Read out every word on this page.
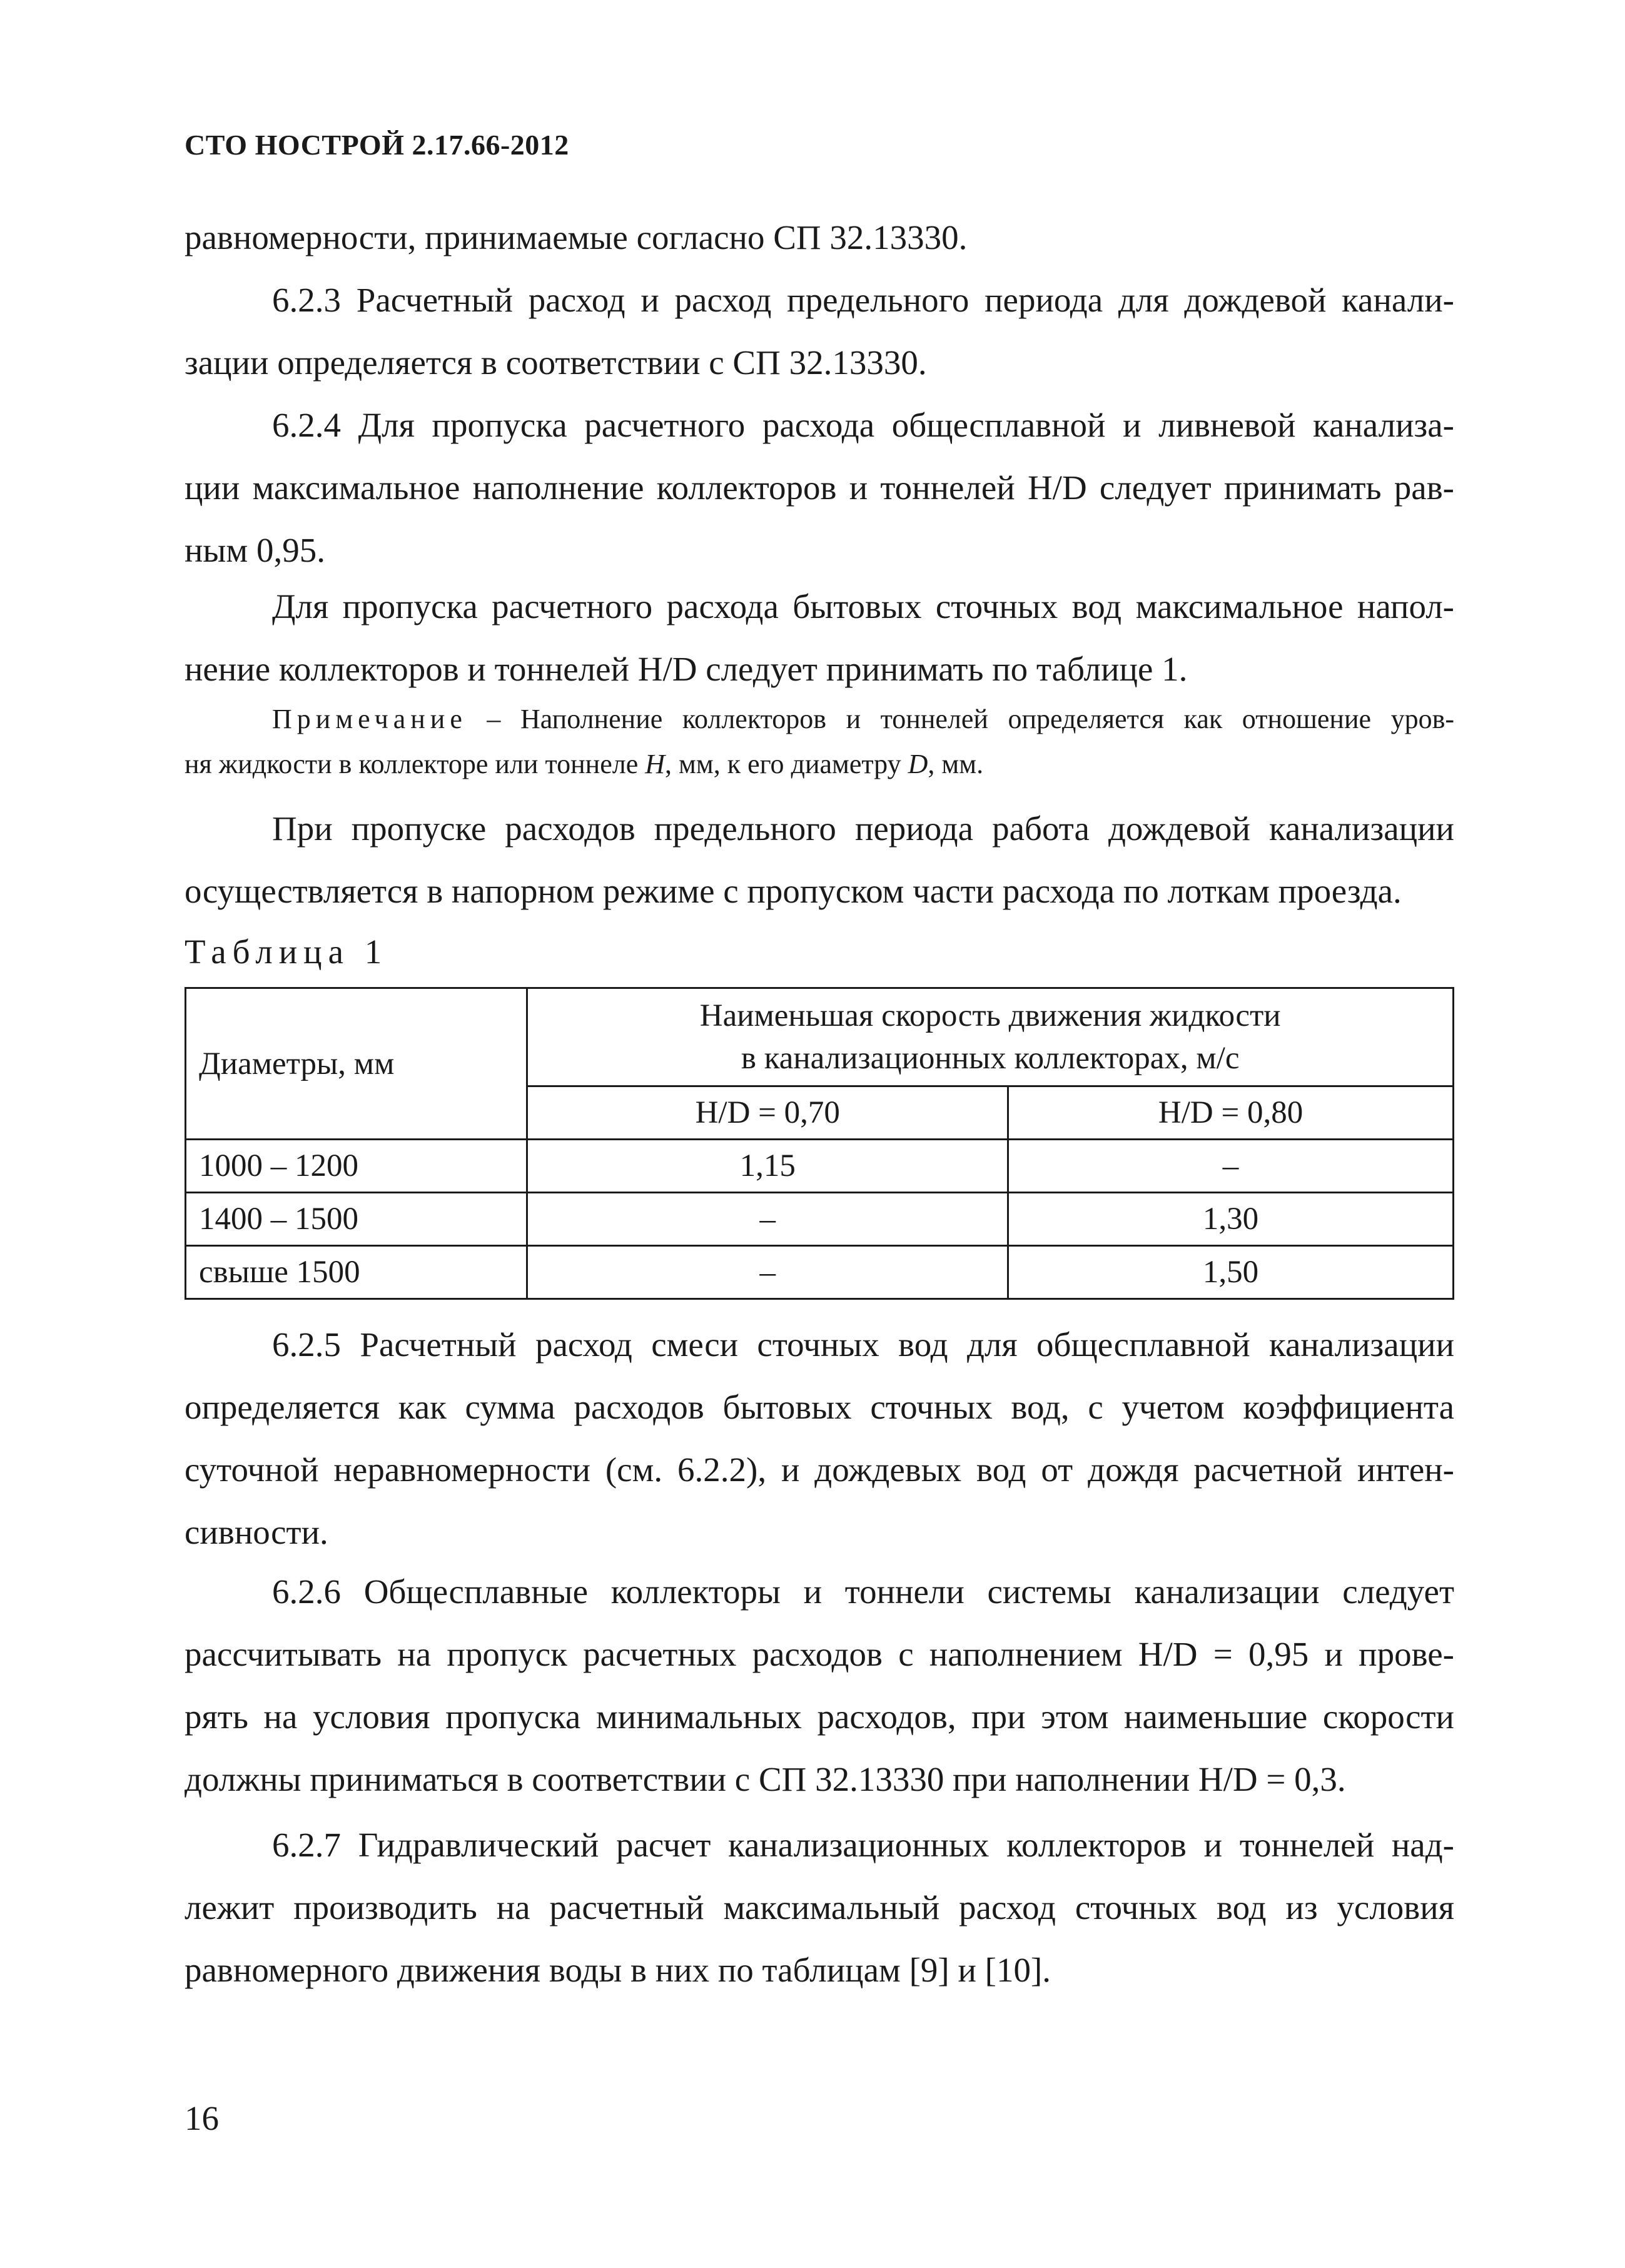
СТО НОСТРОЙ 2.17.66-2012
равномерности, принимаемые согласно СП 32.13330.
6.2.3 Расчетный расход и расход предельного периода для дождевой канали-
зации определяется в соответствии с СП 32.13330.
6.2.4 Для пропуска расчетного расхода общесплавной и ливневой канализа-
ции максимальное наполнение коллекторов и тоннелей H/D следует принимать рав-
ным 0,95.
Для пропуска расчетного расхода бытовых сточных вод максимальное напол-
нение коллекторов и тоннелей H/D следует принимать по таблице 1.
Примечание – Наполнение коллекторов и тоннелей определяется как отношение уров-
ня жидкости в коллекторе или тоннеле H, мм, к его диаметру D, мм.
При пропуске расходов предельного периода работа дождевой канализации
осуществляется в напорном режиме с пропуском части расхода по лоткам проезда.
Таблица 1
Диаметры, мм	Наименьшая скорость движения жидкости
в канализационных коллекторах, м/с	

	H/D = 0,70	H/D = 0,80
1000 – 1200	1,15	–
1400 – 1500	–	1,30
свыше 1500	–	1,50
6.2.5 Расчетный расход смеси сточных вод для общесплавной канализации
определяется как сумма расходов бытовых сточных вод, с учетом коэффициента
суточной неравномерности (см. 6.2.2), и дождевых вод от дождя расчетной интен-
сивности.
6.2.6 Общесплавные коллекторы и тоннели системы канализации следует
рассчитывать на пропуск расчетных расходов с наполнением H/D = 0,95 и прове-
рять на условия пропуска минимальных расходов, при этом наименьшие скорости
должны приниматься в соответствии с СП 32.13330 при наполнении H/D = 0,3.
6.2.7 Гидравлический расчет канализационных коллекторов и тоннелей над-
лежит производить на расчетный максимальный расход сточных вод из условия
равномерного движения воды в них по таблицам [9] и [10].
16
